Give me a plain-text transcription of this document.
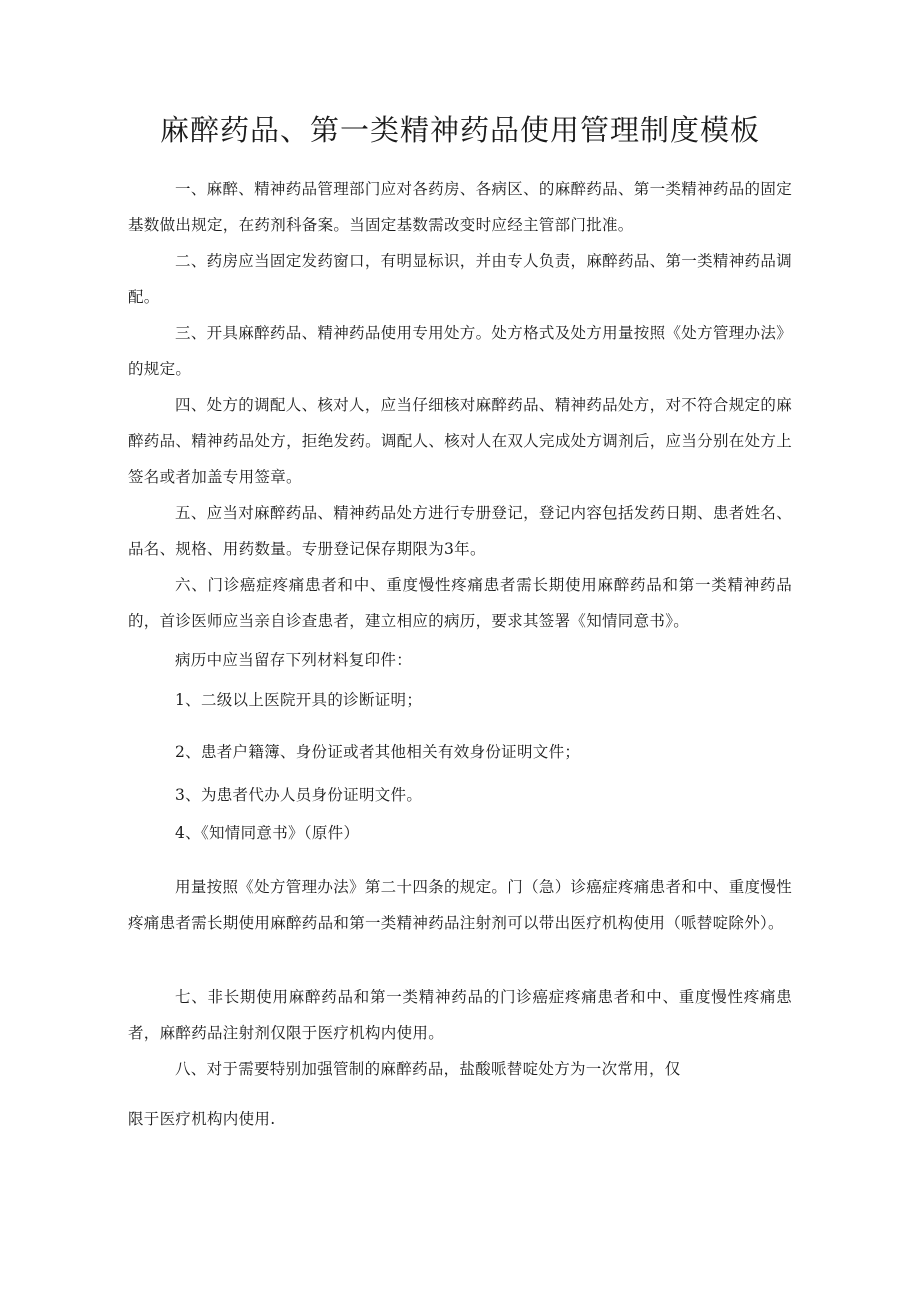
麻醉药品、第一类精神药品使用管理制度模板

一、麻醉、精神药品管理部门应对各药房、各病区、的麻醉药品、第一类精神药品的固定基数做出规定，在药剂科备案。当固定基数需改变时应经主管部门批准。

二、药房应当固定发药窗口，有明显标识，并由专人负责，麻醉药品、第一类精神药品调配。

三、开具麻醉药品、精神药品使用专用处方。处方格式及处方用量按照《处方管理办法》的规定。

四、处方的调配人、核对人，应当仔细核对麻醉药品、精神药品处方，对不符合规定的麻醉药品、精神药品处方，拒绝发药。调配人、核对人在双人完成处方调剂后，应当分别在处方上签名或者加盖专用签章。

五、应当对麻醉药品、精神药品处方进行专册登记，登记内容包括发药日期、患者姓名、品名、规格、用药数量。专册登记保存期限为3年。

六、门诊癌症疼痛患者和中、重度慢性疼痛患者需长期使用麻醉药品和第一类精神药品的，首诊医师应当亲自诊查患者，建立相应的病历，要求其签署《知情同意书》。

病历中应当留存下列材料复印件：

1、二级以上医院开具的诊断证明；

2、患者户籍簿、身份证或者其他相关有效身份证明文件；

3、为患者代办人员身份证明文件。

4、《知情同意书》（原件）

用量按照《处方管理办法》第二十四条的规定。门（急）诊癌症疼痛患者和中、重度慢性疼痛患者需长期使用麻醉药品和第一类精神药品注射剂可以带出医疗机构使用（哌替啶除外）。

七、非长期使用麻醉药品和第一类精神药品的门诊癌症疼痛患者和中、重度慢性疼痛患者，麻醉药品注射剂仅限于医疗机构内使用。

八、对于需要特别加强管制的麻醉药品，盐酸哌替啶处方为一次常用，仅

限于医疗机构内使用.
